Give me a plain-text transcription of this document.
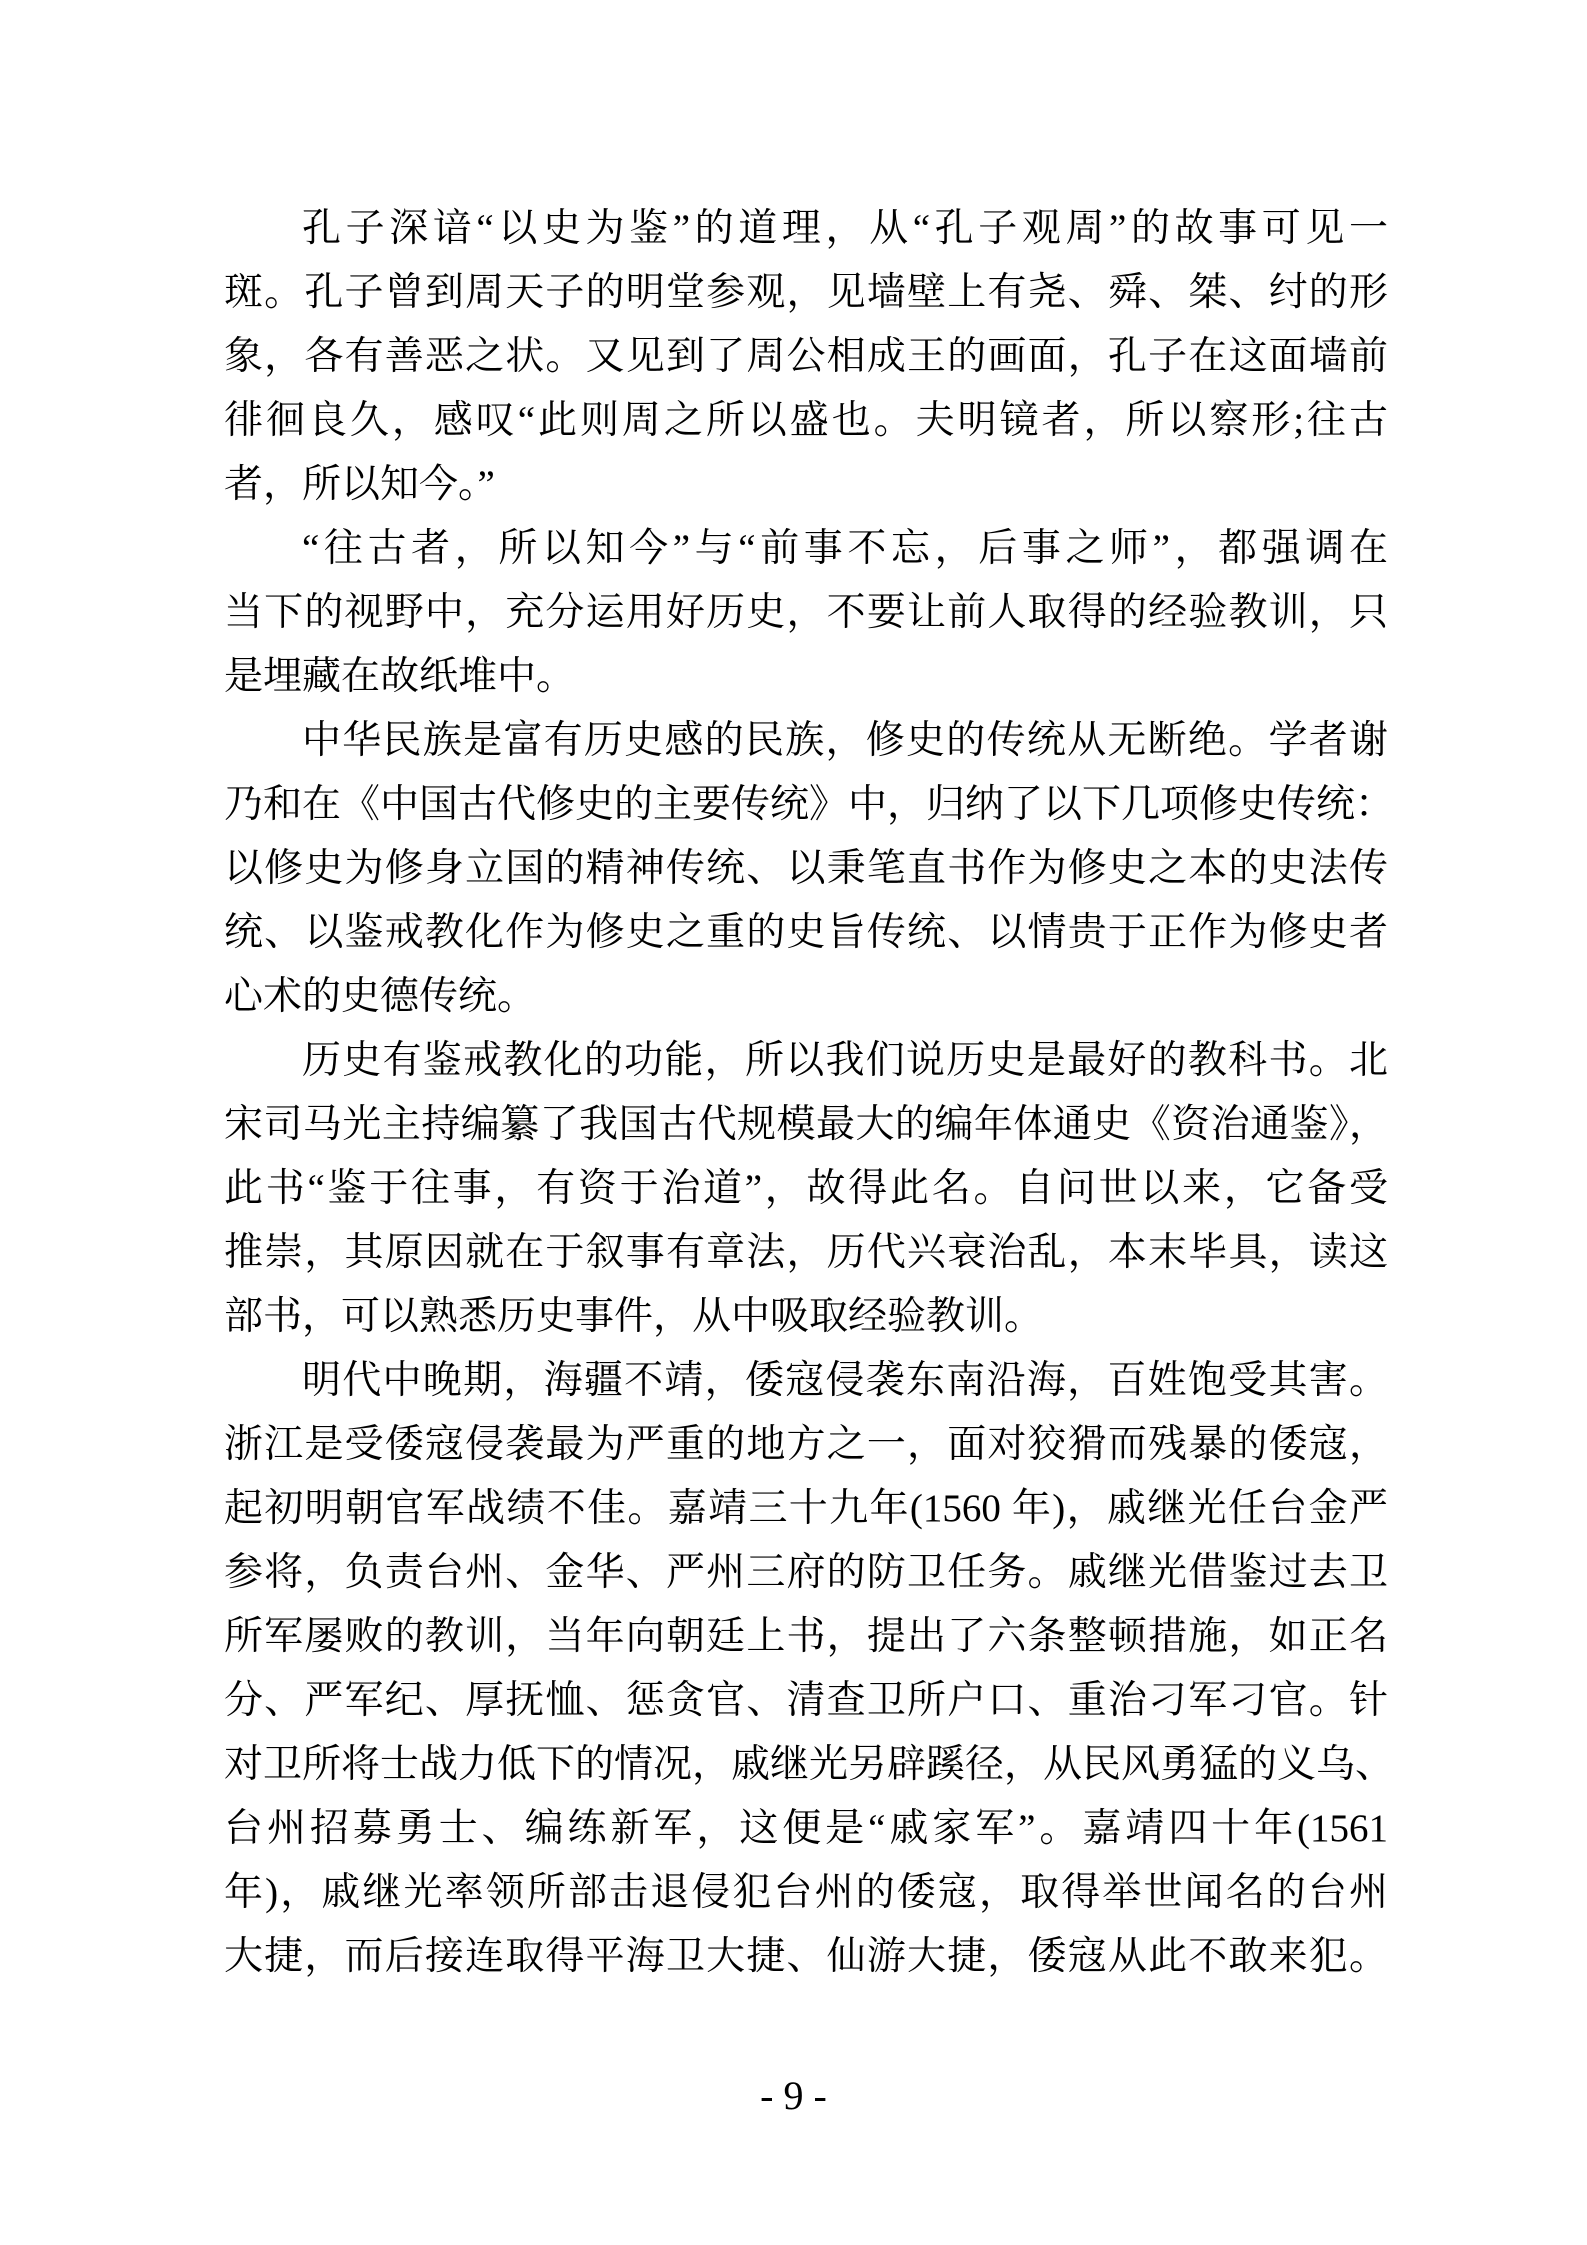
孔子深谙“以史为鉴”的道理，从“孔子观周”的故事可见一
斑。孔子曾到周天子的明堂参观，见墙壁上有尧、舜、桀、纣的形
象，各有善恶之状。又见到了周公相成王的画面，孔子在这面墙前
徘徊良久，感叹“此则周之所以盛也。夫明镜者，所以察形;往古
者，所以知今。”
“往古者，所以知今”与“前事不忘，后事之师”，都强调在
当下的视野中，充分运用好历史，不要让前人取得的经验教训，只
是埋藏在故纸堆中。
中华民族是富有历史感的民族，修史的传统从无断绝。学者谢
乃和在《中国古代修史的主要传统》中，归纳了以下几项修史传统：
以修史为修身立国的精神传统、以秉笔直书作为修史之本的史法传
统、以鉴戒教化作为修史之重的史旨传统、以情贵于正作为修史者
心术的史德传统。
历史有鉴戒教化的功能，所以我们说历史是最好的教科书。北
宋司马光主持编纂了我国古代规模最大的编年体通史《资治通鉴》，
此书“鉴于往事，有资于治道”，故得此名。自问世以来，它备受
推崇，其原因就在于叙事有章法，历代兴衰治乱，本末毕具，读这
部书，可以熟悉历史事件，从中吸取经验教训。
明代中晚期，海疆不靖，倭寇侵袭东南沿海，百姓饱受其害。
浙江是受倭寇侵袭最为严重的地方之一，面对狡猾而残暴的倭寇，
起初明朝官军战绩不佳。嘉靖三十九年(1560 年)，戚继光任台金严
参将，负责台州、金华、严州三府的防卫任务。戚继光借鉴过去卫
所军屡败的教训，当年向朝廷上书，提出了六条整顿措施，如正名
分、严军纪、厚抚恤、惩贪官、清查卫所户口、重治刁军刁官。针
对卫所将士战力低下的情况，戚继光另辟蹊径，从民风勇猛的义乌、
台州招募勇士、编练新军，这便是“戚家军”。嘉靖四十年(1561
年)，戚继光率领所部击退侵犯台州的倭寇，取得举世闻名的台州
大捷，而后接连取得平海卫大捷、仙游大捷，倭寇从此不敢来犯。
- 9 -
